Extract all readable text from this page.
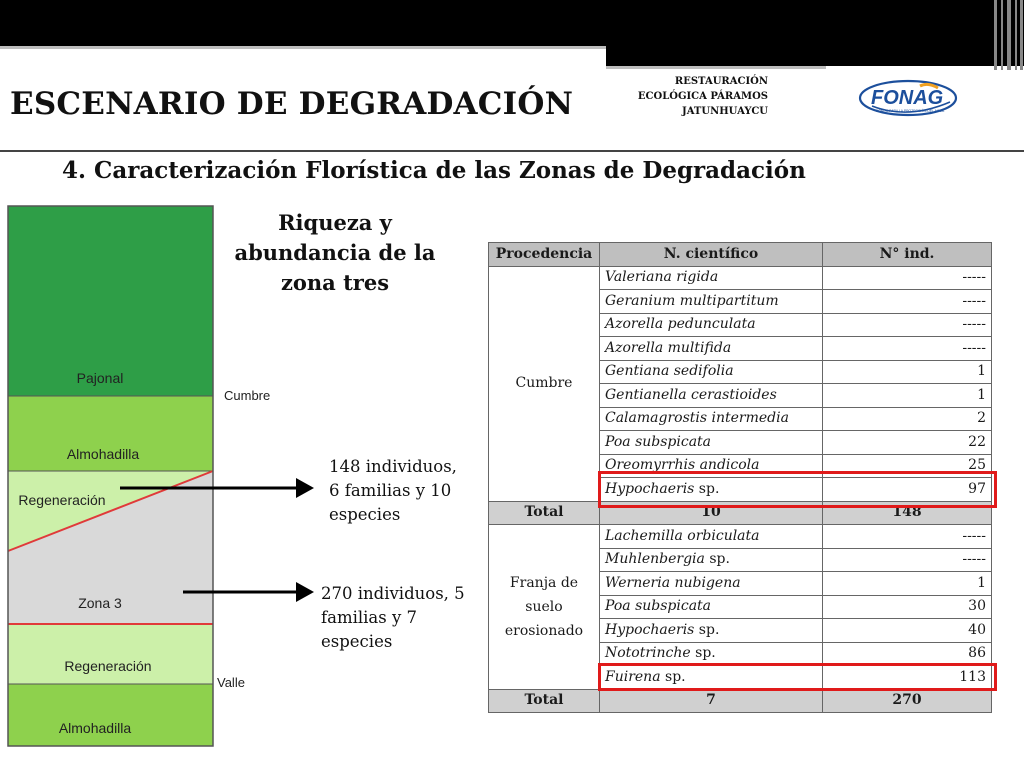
ESCENARIO DE DEGRADACIÓN
RESTAURACIÓN
ECOLÓGICA PÁRAMOS
JATUNHUAYCU
FONAG
FONDO PARA LA PROTECCIÓN DEL AGUA
4. Caracterización Florística de las Zonas de Degradación
Riqueza y abundancia de la zona tres
Pajonal
Almohadilla
Regeneración
Zona 3
Regeneración
Almohadilla
Cumbre
Valle
148 individuos,
6 familias y 10
especies
270 individuos, 5
familias y 7
especies
Procedencia	N. científico	N° ind.
Cumbre	Valeriana rigida	-----
	Geranium multipartitum	-----
	Azorella pedunculata	-----
	Azorella multifida	-----
	Gentiana sedifolia	1
	Gentianella cerastioides	1
	Calamagrostis intermedia	2
	Poa subspicata	22
	Oreomyrrhis andicola	25
	Hypochaeris sp.	97
Total	10	148

Franja de
suelo
erosionado	Lachemilla orbiculata	-----
	Muhlenbergia sp.	-----
	Werneria nubigena	1
	Poa subspicata	30
	Hypochaeris sp.	40
	Nototrinche sp.	86
	Fuirena sp.	113
Total	7	270
